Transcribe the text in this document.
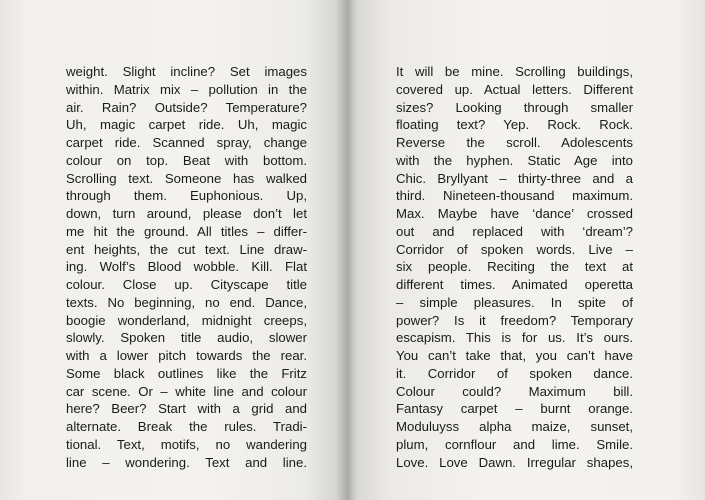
weight. Slight incline? Set images
within. Matrix mix – pollution in the
air. Rain? Outside? Temperature?
Uh, magic carpet ride. Uh, magic
carpet ride. Scanned spray, change
colour on top. Beat with bottom.
Scrolling text. Someone has walked
through them. Euphonious. Up,
down, turn around, please don’t let
me hit the ground. All titles – differ-
ent heights, the cut text. Line draw-
ing. Wolf’s Blood wobble. Kill. Flat
colour. Close up. Cityscape title
texts. No beginning, no end. Dance,
boogie wonderland, midnight creeps,
slowly. Spoken title audio, slower
with a lower pitch towards the rear.
Some black outlines like the Fritz
car scene. Or – white line and colour
here? Beer? Start with a grid and
alternate. Break the rules. Tradi-
tional. Text, motifs, no wandering
line – wondering. Text and line.
It will be mine. Scrolling buildings,
covered up. Actual letters. Different
sizes? Looking through smaller
floating text? Yep. Rock. Rock.
Reverse the scroll. Adolescents
with the hyphen. Static Age into
Chic. Bryllyant – thirty-three and a
third. Nineteen-thousand maximum.
Max. Maybe have ‘dance’ crossed
out and replaced with ‘dream’?
Corridor of spoken words. Live –
six people. Reciting the text at
different times. Animated operetta
– simple pleasures. In spite of
power? Is it freedom? Temporary
escapism. This is for us. It’s ours.
You can’t take that, you can’t have
it. Corridor of spoken dance.
Colour could? Maximum bill.
Fantasy carpet – burnt orange.
Moduluyss alpha maize, sunset,
plum, cornflour and lime. Smile.
Love. Love Dawn. Irregular shapes,
